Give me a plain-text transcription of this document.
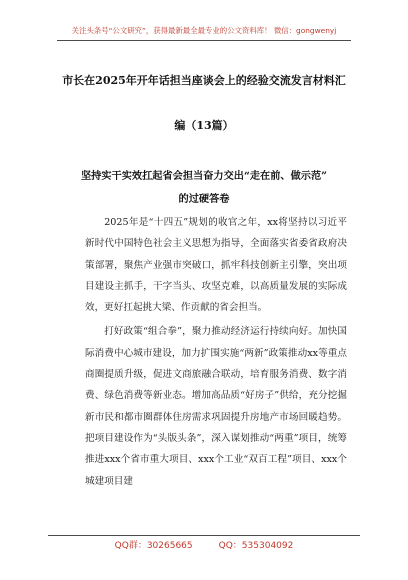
关注头条号“公文研究”，获得最新最全最专业的公文资料库！ 微信：gongwenyj
市长在2025年开年话担当座谈会上的经验交流发言材料汇
编（13篇）
坚持实干实效扛起省会担当奋力交出“走在前、做示范”
的过硬答卷

2025年是“十四五”规划的收官之年，xx将坚持以习近平新时代中国特色社会主义思想为指导，全面落实省委省政府决策部署，聚焦产业强市突破口，抓牢科技创新主引擎，突出项目建设主抓手，干字当头、攻坚克难，以高质量发展的实际成效，更好扛起挑大梁、作贡献的省会担当。

打好政策“组合拳”，聚力推动经济运行持续向好。加快国际消费中心城市建设，加力扩围实施“两新”政策推动xx等重点商圈提质升级，促进文商旅融合联动，培育服务消费、数字消费、绿色消费等新业态。增加高品质“好房子”供给，充分挖掘新市民和都市圈群体住房需求巩固提升房地产市场回暖趋势。把项目建设作为“头版头条”，深入谋划推动“两重”项目，统筹推进xxx个省市重大项目、xxx个工业“双百工程”项目、xxx个城建项目建

QQ群：30265665	QQ：535304092
